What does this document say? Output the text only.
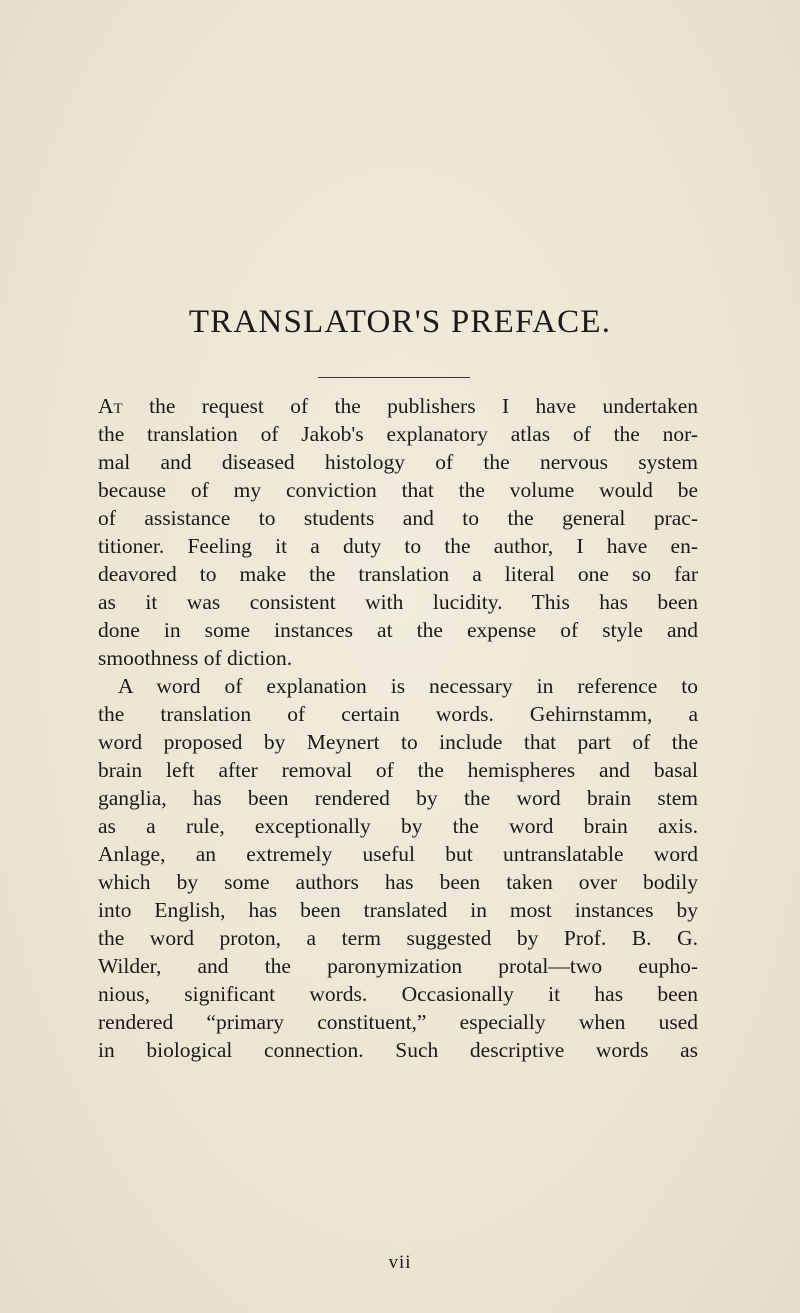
TRANSLATOR'S PREFACE.
At the request of the publishers I have undertaken
the translation of Jakob's explanatory atlas of the nor-
mal and diseased histology of the nervous system
because of my conviction that the volume would be
of assistance to students and to the general prac-
titioner. Feeling it a duty to the author, I have en-
deavored to make the translation a literal one so far
as it was consistent with lucidity. This has been
done in some instances at the expense of style and
smoothness of diction.
A word of explanation is necessary in reference to
the translation of certain words. Gehirnstamm, a
word proposed by Meynert to include that part of the
brain left after removal of the hemispheres and basal
ganglia, has been rendered by the word brain stem
as a rule, exceptionally by the word brain axis.
Anlage, an extremely useful but untranslatable word
which by some authors has been taken over bodily
into English, has been translated in most instances by
the word proton, a term suggested by Prof. B. G.
Wilder, and the paronymization protal—two eupho-
nious, significant words. Occasionally it has been
rendered “primary constituent,” especially when used
in biological connection. Such descriptive words as
vii
